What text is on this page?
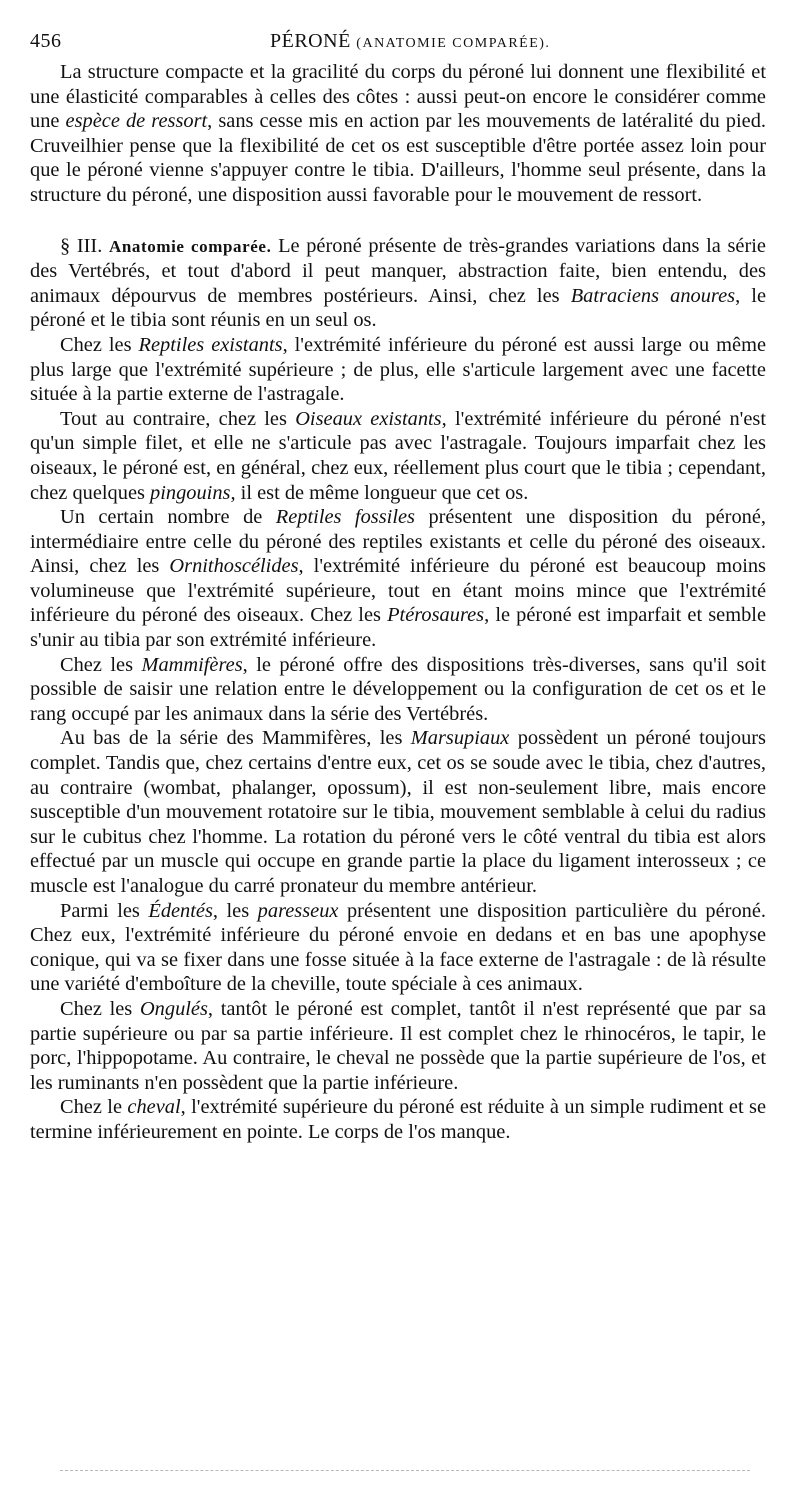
456	PÉRONÉ (ANATOMIE COMPARÉE).

La structure compacte et la gracilité du corps du péroné lui donnent une flexibilité et une élasticité comparables à celles des côtes : aussi peut-on encore le considérer comme une espèce de ressort, sans cesse mis en action par les mouvements de latéralité du pied. Cruveilhier pense que la flexibilité de cet os est susceptible d'être portée assez loin pour que le péroné vienne s'appuyer contre le tibia. D'ailleurs, l'homme seul présente, dans la structure du péroné, une disposition aussi favorable pour le mouvement de ressort.

§ III. Anatomie comparée. Le péroné présente de très-grandes variations dans la série des Vertébrés, et tout d'abord il peut manquer, abstraction faite, bien entendu, des animaux dépourvus de membres postérieurs. Ainsi, chez les Batraciens anoures, le péroné et le tibia sont réunis en un seul os.

Chez les Reptiles existants, l'extrémité inférieure du péroné est aussi large ou même plus large que l'extrémité supérieure ; de plus, elle s'articule largement avec une facette située à la partie externe de l'astragale.

Tout au contraire, chez les Oiseaux existants, l'extrémité inférieure du péroné n'est qu'un simple filet, et elle ne s'articule pas avec l'astragale. Toujours imparfait chez les oiseaux, le péroné est, en général, chez eux, réellement plus court que le tibia ; cependant, chez quelques pingouins, il est de même longueur que cet os.

Un certain nombre de Reptiles fossiles présentent une disposition du péroné, intermédiaire entre celle du péroné des reptiles existants et celle du péroné des oiseaux. Ainsi, chez les Ornithoscélides, l'extrémité inférieure du péroné est beaucoup moins volumineuse que l'extrémité supérieure, tout en étant moins mince que l'extrémité inférieure du péroné des oiseaux. Chez les Ptérosaures, le péroné est imparfait et semble s'unir au tibia par son extrémité inférieure.

Chez les Mammifères, le péroné offre des dispositions très-diverses, sans qu'il soit possible de saisir une relation entre le développement ou la configuration de cet os et le rang occupé par les animaux dans la série des Vertébrés.

Au bas de la série des Mammifères, les Marsupiaux possèdent un péroné toujours complet. Tandis que, chez certains d'entre eux, cet os se soude avec le tibia, chez d'autres, au contraire (wombat, phalanger, opossum), il est non-seulement libre, mais encore susceptible d'un mouvement rotatoire sur le tibia, mouvement semblable à celui du radius sur le cubitus chez l'homme. La rotation du péroné vers le côté ventral du tibia est alors effectué par un muscle qui occupe en grande partie la place du ligament interosseux ; ce muscle est l'analogue du carré pronateur du membre antérieur.

Parmi les Édentés, les paresseux présentent une disposition particulière du péroné. Chez eux, l'extrémité inférieure du péroné envoie en dedans et en bas une apophyse conique, qui va se fixer dans une fosse située à la face externe de l'astragale : de là résulte une variété d'emboîture de la cheville, toute spéciale à ces animaux.

Chez les Ongulés, tantôt le péroné est complet, tantôt il n'est représenté que par sa partie supérieure ou par sa partie inférieure. Il est complet chez le rhinocéros, le tapir, le porc, l'hippopotame. Au contraire, le cheval ne possède que la partie supérieure de l'os, et les ruminants n'en possèdent que la partie inférieure.

Chez le cheval, l'extrémité supérieure du péroné est réduite à un simple rudiment et se termine inférieurement en pointe. Le corps de l'os manque.
